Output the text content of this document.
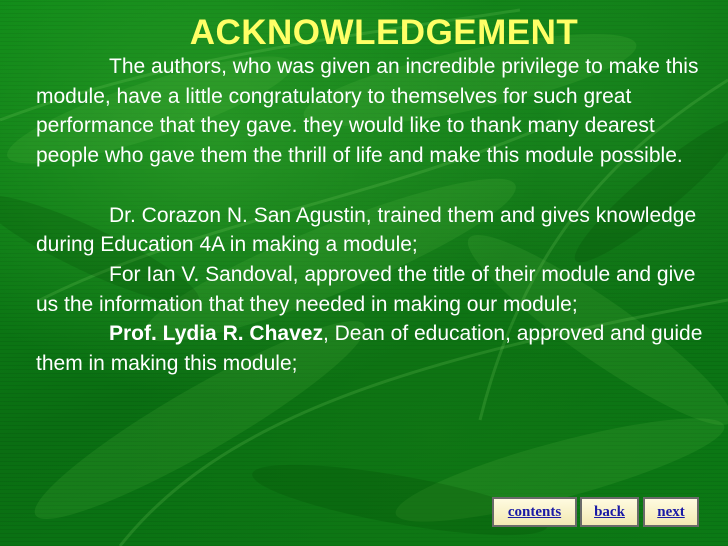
ACKNOWLEDGEMENT

The authors, who was given an incredible privilege to make this module, have a little congratulatory to themselves for such great performance that they gave. they would like to thank many dearest people who gave them the thrill of life and make this module possible.

Dr. Corazon N. San Agustin, trained them and gives knowledge during Education 4A in making a module;

For Ian V. Sandoval, approved the title of their module and give us the information that they needed in making our module;

Prof. Lydia R. Chavez, Dean of education, approved and guide them in making this module;

contents	back	next
